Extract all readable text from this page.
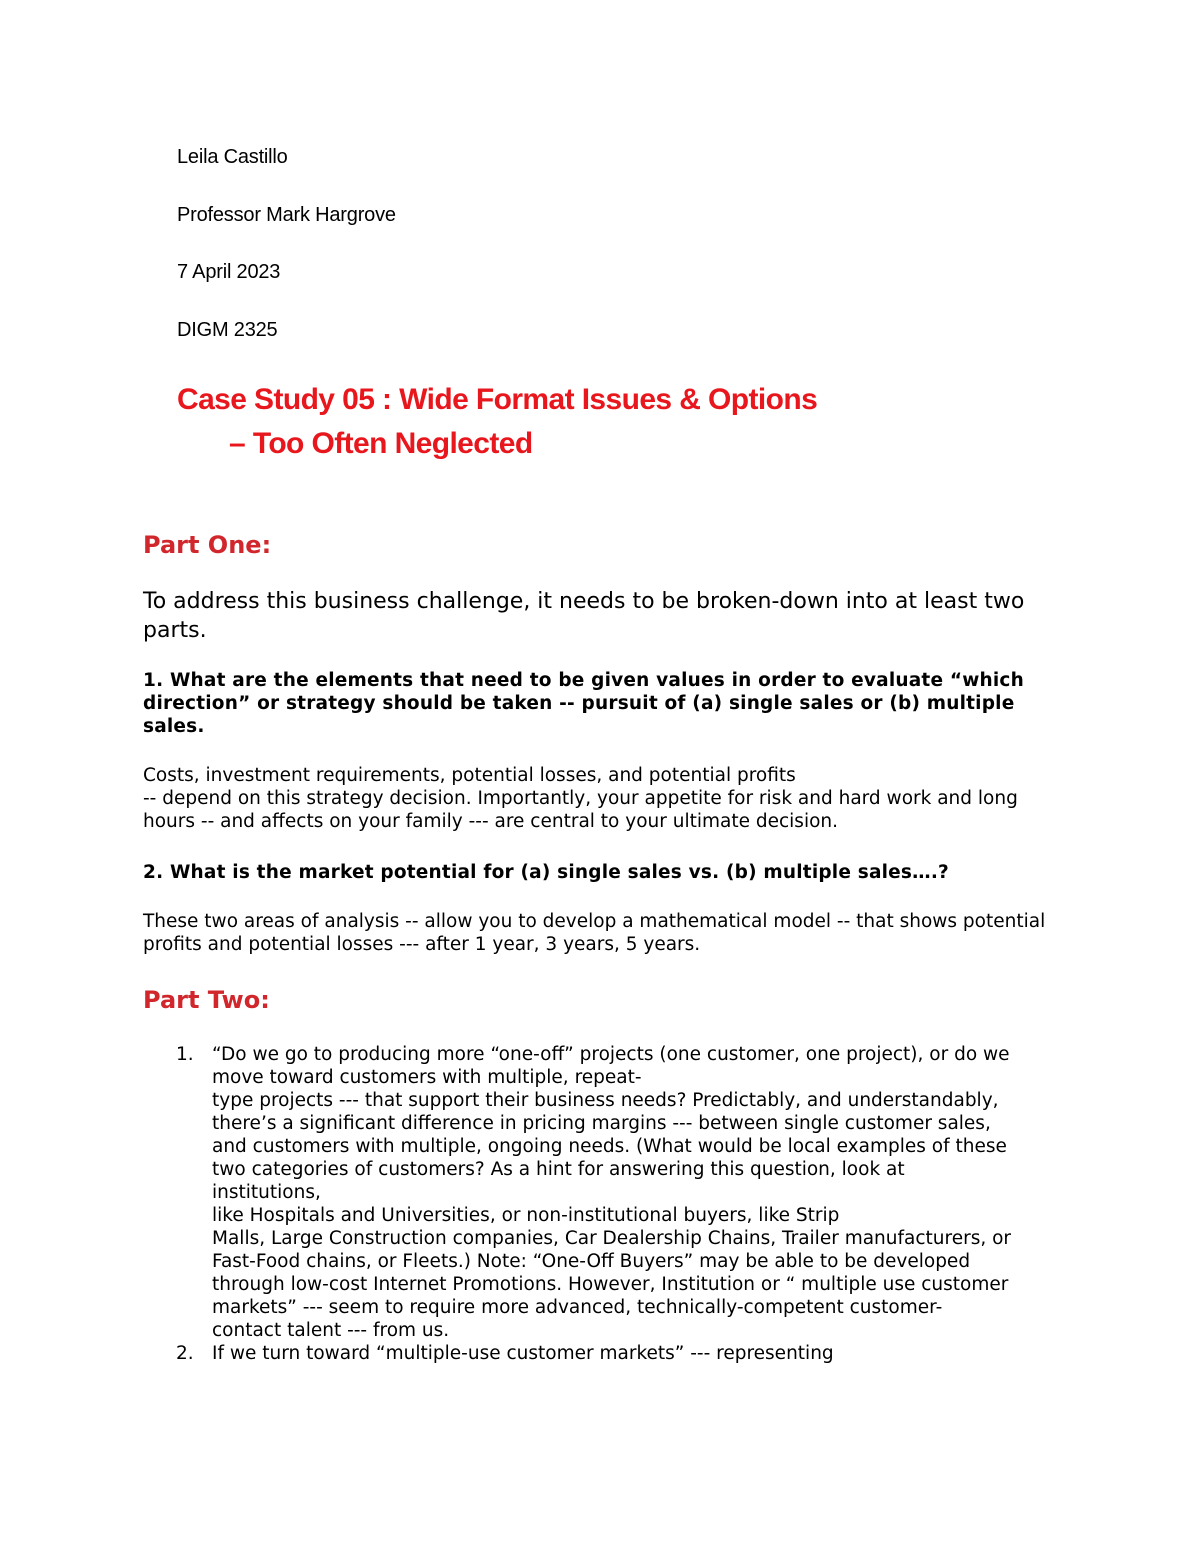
Leila Castillo
Professor Mark Hargrove
7 April 2023
DIGM 2325
Case Study 05 : Wide Format Issues & Options
– Too Often Neglected
Part One:
To address this business challenge, it needs to be broken-down into at least two parts.
1. What are the elements that need to be given values in order to evaluate “which direction” or strategy should be taken -- pursuit of (a) single sales or (b) multiple sales.
Costs, investment requirements, potential losses, and potential profits
-- depend on this strategy decision. Importantly, your appetite for risk and hard work and long hours -- and affects on your family --- are central to your ultimate decision.
2. What is the market potential for (a) single sales vs. (b) multiple sales….?
These two areas of analysis -- allow you to develop a mathematical model -- that shows potential profits and potential losses --- after 1 year, 3 years, 5 years.
Part Two:
1. “Do we go to producing more “one-off” projects (one customer, one project), or do we
move toward customers with multiple, repeat-
type projects --- that support their business needs? Predictably, and understandably,
there’s a significant difference in pricing margins --- between single customer sales,
and customers with multiple, ongoing needs. (What would be local examples of these
two categories of customers? As a hint for answering this question, look at
institutions,
like Hospitals and Universities, or non-institutional buyers, like Strip
Malls, Large Construction companies, Car Dealership Chains, Trailer manufacturers, or
Fast-Food chains, or Fleets.) Note: “One-Off Buyers” may be able to be developed
through low-cost Internet Promotions. However, Institution or “ multiple use customer
markets” --- seem to require more advanced, technically-competent customer-
contact talent --- from us.
2. If we turn toward “multiple-use customer markets” --- representing
